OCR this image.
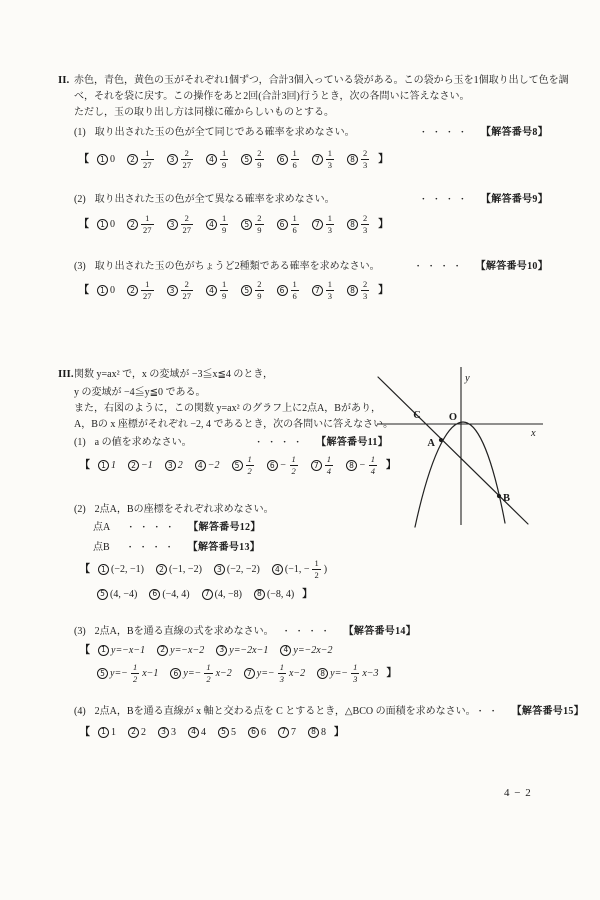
II. 赤色，青色，黄色の玉がそれぞれ1個ずつ，合計3個入っている袋がある。この袋から玉を1個取り出して色を調
べ，それを袋に戻す。この操作をあと2回(合計3回)行うとき，次の各問いに答えなさい。
ただし，玉の取り出し方は同様に確からしいものとする。
(1) 取り出された玉の色が全て同じである確率を求めなさい。	・・・・ 【解答番号8】
【	1 0	$2 \frac{1}{27}$	$3 \frac{2}{27}$	$4 \frac{1}{9}$	$5 \frac{2}{9}$	$6 \frac{1}{6}$	$7 \frac{1}{3}$	$8 \frac{2}{3}$ 】
(2) 取り出された玉の色が全て異なる確率を求めなさい。	・・・・ 【解答番号9】
【	1 0	$2 \frac{1}{27}$	$3 \frac{2}{27}$	$4 \frac{1}{9}$	$5 \frac{2}{9}$	$6 \frac{1}{6}$	$7 \frac{1}{3}$	$8 \frac{2}{3}$ 】
(3) 取り出された玉の色がちょうど2種類である確率を求めなさい。	・・・・ 【解答番号10】
【	1 0	$2 \frac{1}{27}$	$3 \frac{2}{27}$	$4 \frac{1}{9}$	$5 \frac{2}{9}$	$6 \frac{1}{6}$	$7 \frac{1}{3}$	$8 \frac{2}{3}$ 】
III. 関数 y=ax² で，x の変域が −3≦x≦4 のとき，
y の変域が −4≦y≦0 である。
また，右図のように，この関数 y=ax² のグラフ上に2点A，Bがあり，
A，Bの x 座標がそれぞれ −2, 4 であるとき，次の各問いに答えなさい。
y
x
O
C
A
B
(1) a の値を求めなさい。	・・・・ 【解答番号11】
【	1 1	2 −1	3 2	4 −2	$5 \frac{1}{2}$	$6 - \frac{1}{2}$	$7 \frac{1}{4}$	$8 - \frac{1}{4}$ 】
(2) 2点A，Bの座標をそれぞれ求めなさい。
点A ・・・・ 【解答番号12】
点B ・・・・ 【解答番号13】
【	1 (−2, −1)	2 (−1, −2)	3 (−2, −2)	4 (−1, − $\frac{1}{2}$ )
5 (4, −4)	6 (−4, 4)	7 (4, −8)	8 (−8, 4) 】
(3) 2点A，Bを通る直線の式を求めなさい。 ・・・・ 【解答番号14】
【	1 y=−x−1	2 y=−x−2	3 y=−2x−1	4 y=−2x−2
5 $y=- \frac{1}{2} x-1$	6 $y=- \frac{1}{2} x-2$	7 $y=- \frac{1}{3} x-2$	8 $y=- \frac{1}{3} x-3$ 】
(4) 2点A，Bを通る直線が x 軸と交わる点を C とするとき，△BCO の面積を求めなさい。 ・・ 【解答番号15】
【	1 1	2 2	3 3	4 4	5 5	6 6	7 7	8 8 】
4 − 2
